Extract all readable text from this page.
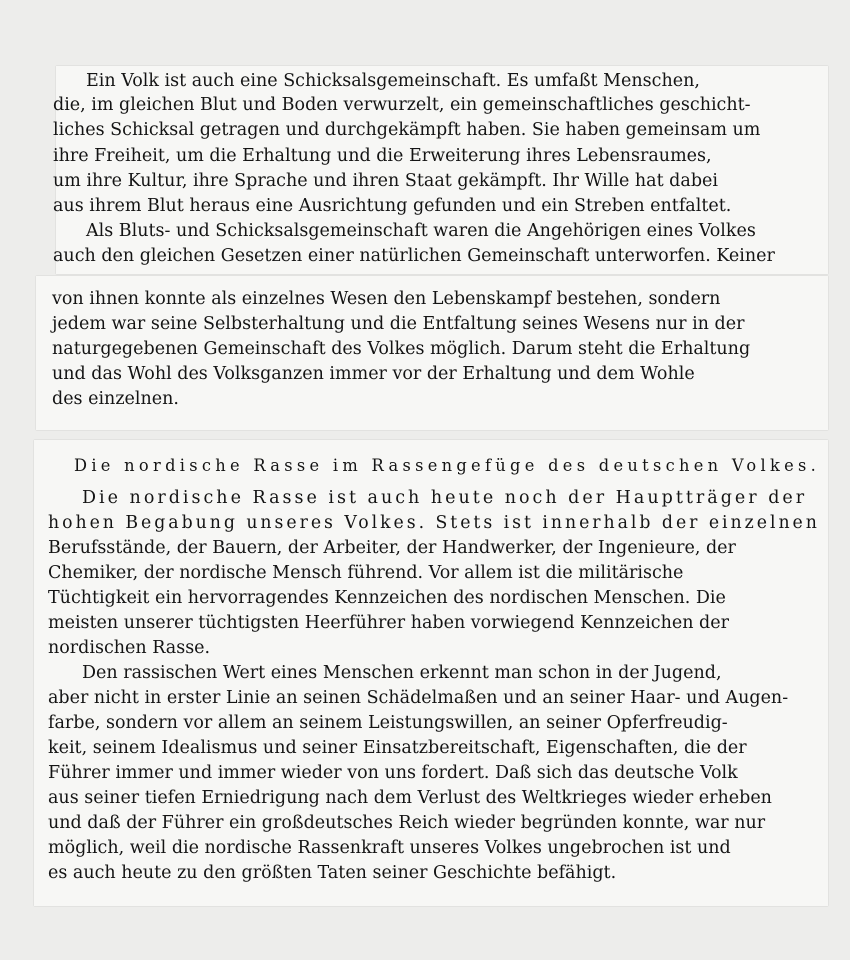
Ein Volk ist auch eine Schicksalsgemeinschaft. Es umfaßt Menschen,
die, im gleichen Blut und Boden verwurzelt, ein gemeinschaftliches geschicht-
liches Schicksal getragen und durchgekämpft haben. Sie haben gemeinsam um
ihre Freiheit, um die Erhaltung und die Erweiterung ihres Lebensraumes,
um ihre Kultur, ihre Sprache und ihren Staat gekämpft. Ihr Wille hat dabei
aus ihrem Blut heraus eine Ausrichtung gefunden und ein Streben entfaltet.
Als Bluts- und Schicksalsgemeinschaft waren die Angehörigen eines Volkes
auch den gleichen Gesetzen einer natürlichen Gemeinschaft unterworfen. Keiner
von ihnen konnte als einzelnes Wesen den Lebenskampf bestehen, sondern
jedem war seine Selbsterhaltung und die Entfaltung seines Wesens nur in der
naturgegebenen Gemeinschaft des Volkes möglich. Darum steht die Erhaltung
und das Wohl des Volksganzen immer vor der Erhaltung und dem Wohle
des einzelnen.
Die nordische Rasse im Rassengefüge des deutschen Volkes.
Die nordische Rasse ist auch heute noch der Hauptträger der
hohen Begabung unseres Volkes. Stets ist innerhalb der einzelnen
Berufsstände, der Bauern, der Arbeiter, der Handwerker, der Ingenieure, der
Chemiker, der nordische Mensch führend. Vor allem ist die militärische
Tüchtigkeit ein hervorragendes Kennzeichen des nordischen Menschen. Die
meisten unserer tüchtigsten Heerführer haben vorwiegend Kennzeichen der
nordischen Rasse.
Den rassischen Wert eines Menschen erkennt man schon in der Jugend,
aber nicht in erster Linie an seinen Schädelmaßen und an seiner Haar- und Augen-
farbe, sondern vor allem an seinem Leistungswillen, an seiner Opferfreudig-
keit, seinem Idealismus und seiner Einsatzbereitschaft, Eigenschaften, die der
Führer immer und immer wieder von uns fordert. Daß sich das deutsche Volk
aus seiner tiefen Erniedrigung nach dem Verlust des Weltkrieges wieder erheben
und daß der Führer ein großdeutsches Reich wieder begründen konnte, war nur
möglich, weil die nordische Rassenkraft unseres Volkes ungebrochen ist und
es auch heute zu den größten Taten seiner Geschichte befähigt.
